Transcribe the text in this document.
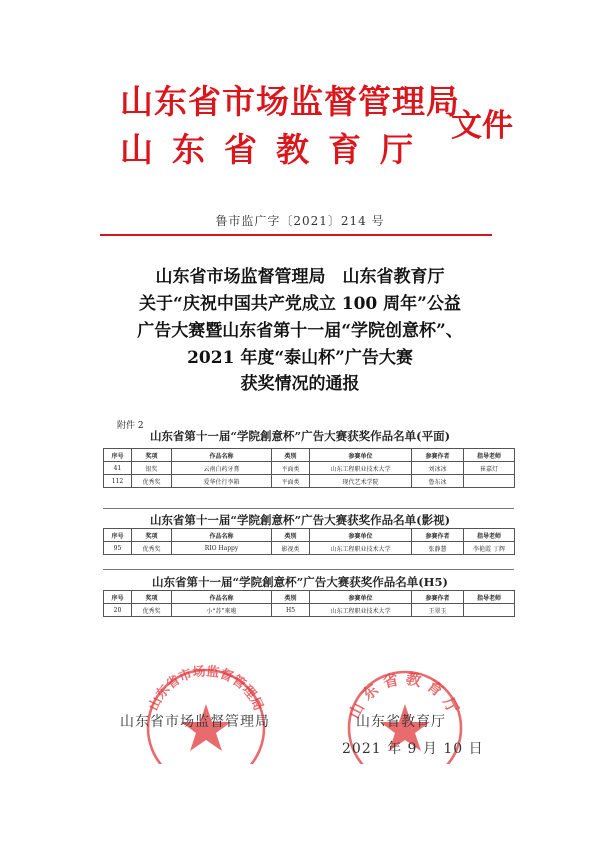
山东省市场监督管理局
山东省教育厅
文件
鲁市监广字〔2021〕214 号
山东省市场监督管理局　山东省教育厅
关于“庆祝中国共产党成立 100 周年”公益
广告大赛暨山东省第十一届“学院创意杯”、
2021 年度“泰山杯”广告大赛
获奖情况的通报
附件 2
山东省第十一届“学院創意杯”广告大赛获奖作品名单(平面)
序号	奖项	作品名称	类别	参赛单位	参赛作者	指导老师
41	银奖	云南白药牙膏	平面类	山东工程职业技术大学	刘冰冰	崔嘉灯
112	优秀奖	爱华仕行李箱	平面类	现代艺术学院	鲁东冰	
山东省第十一届“学院創意杯”广告大赛获奖作品名单(影视)
序号	奖项	作品名称	类别	参赛单位	参赛作者	指导老师
95	优秀奖	RIO Happy	影视类	山东工程职业技术大学	张静慧	李艳霞 丁辉
山东省第十一届“学院創意杯”广告大赛获奖作品名单(H5)
序号	奖项	作品名称	类别	参赛单位	参赛作者	指导老师
20	优秀奖	小“苏”來啦	H5	山东工程职业技术大学	王翠玉	
山东省市场监督管理局	山东省教育厅
山东省市场监督管理局	山东省教育厅
2021 年 9 月 10 日
